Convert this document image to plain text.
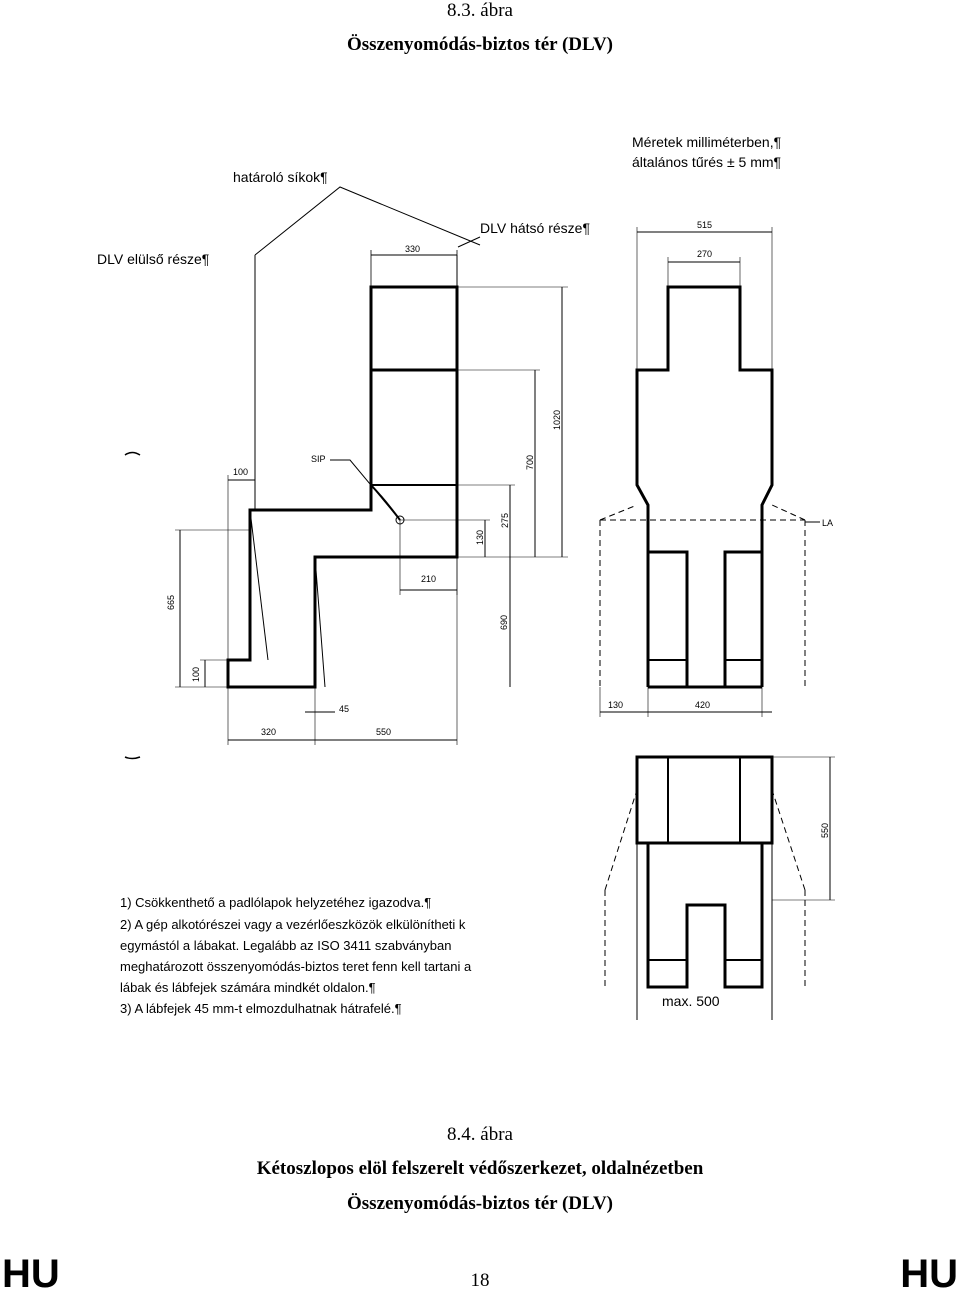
8.3. ábra
Összenyomódás-biztos tér (DLV)
Méretek milliméterben,¶
általános tűrés ± 5 mm¶
határoló síkok¶
DLV hátsó része¶
DLV elülső része¶
SIP
LA
330
1020
700
100
275
130
210
665
690
100
45
320	550
515
270
130	420
550
max. 500
1) Csökkenthető a padlólapok helyzetéhez igazodva.¶
2) A gép alkotórészei vagy a vezérlőeszközök elkülönítheti k
egymástól a lábakat. Legalább az ISO 3411 szabványban
meghatározott összenyomódás-biztos teret fenn kell tartani a
lábak és lábfejek számára mindkét oldalon.¶
3) A lábfejek 45 mm-t elmozdulhatnak hátrafelé.¶
8.4. ábra
Kétoszlopos elöl felszerelt védőszerkezet, oldalnézetben
Összenyomódás-biztos tér (DLV)
HU	18	HU
